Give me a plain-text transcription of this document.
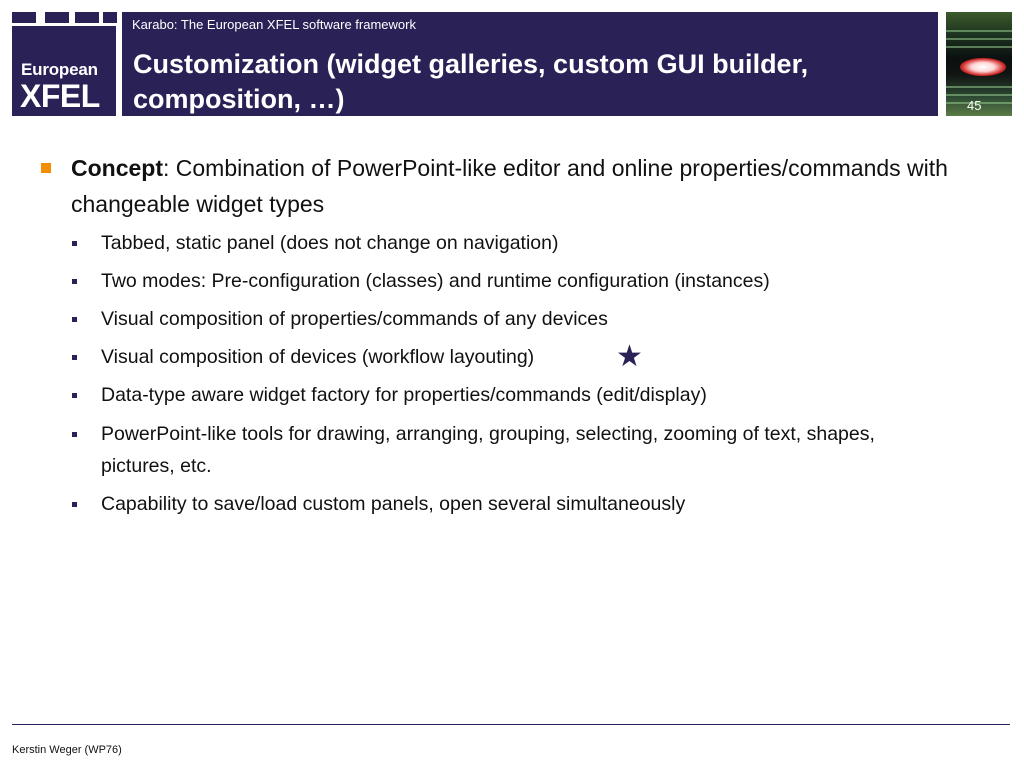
European
XFEL
Karabo: The European XFEL software framework
Customization (widget galleries, custom GUI builder, composition, …)	45
Concept: Combination of PowerPoint-like editor and online properties/commands with changeable widget types
Tabbed, static panel (does not change on navigation)
Two modes: Pre-configuration (classes) and runtime configuration (instances)
Visual composition of properties/commands of any devices
Visual composition of devices (workflow layouting)
Data-type aware widget factory for properties/commands (edit/display)
PowerPoint-like tools for drawing, arranging, grouping, selecting, zooming of text, shapes, pictures, etc.
Capability to save/load custom panels, open several simultaneously
★
Kerstin Weger (WP76)
